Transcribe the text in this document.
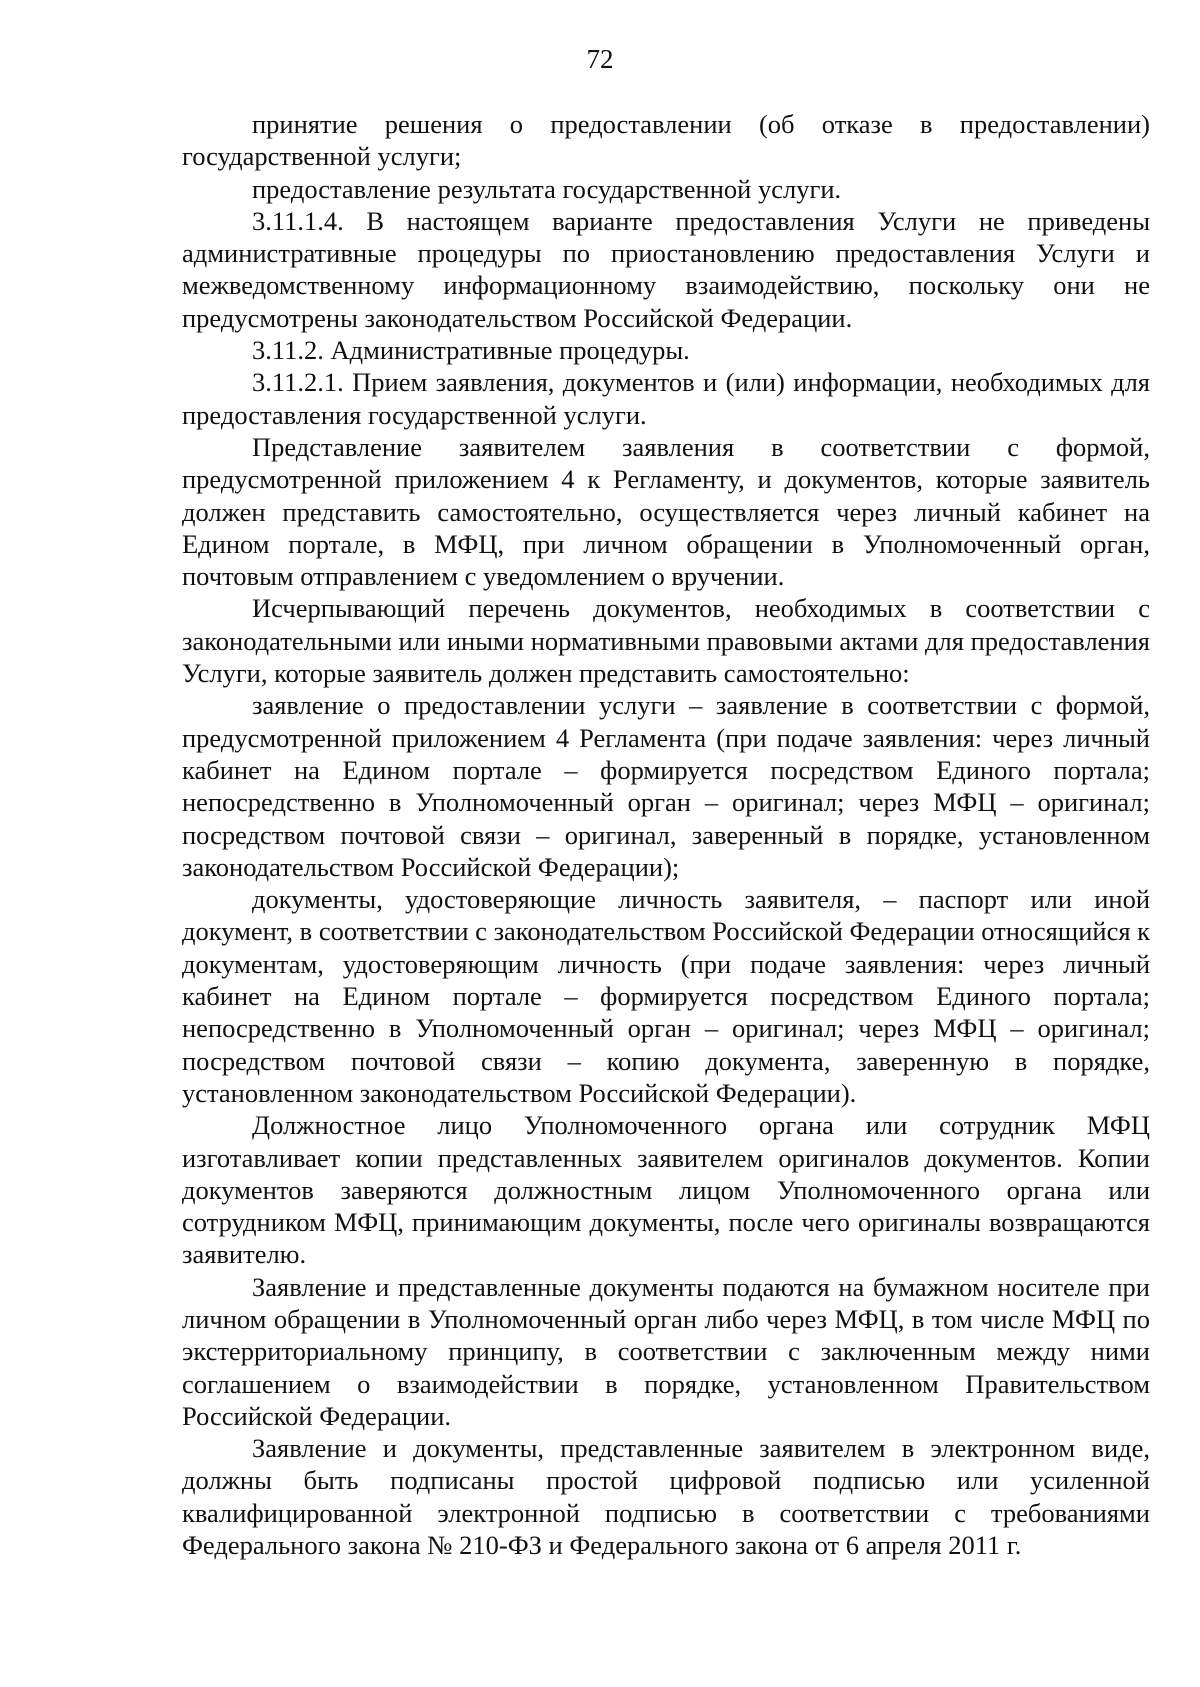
72

принятие решения о предоставлении (об отказе в предоставлении) государственной услуги;

предоставление результата государственной услуги.

3.11.1.4. В настоящем варианте предоставления Услуги не приведены административные процедуры по приостановлению предоставления Услуги и межведомственному информационному взаимодействию, поскольку они не предусмотрены законодательством Российской Федерации.

3.11.2. Административные процедуры.

3.11.2.1. Прием заявления, документов и (или) информации, необходимых для предоставления государственной услуги.

Представление заявителем заявления в соответствии с формой, предусмотренной приложением 4 к Регламенту, и документов, которые заявитель должен представить самостоятельно, осуществляется через личный кабинет на Едином портале, в МФЦ, при личном обращении в Уполномоченный орган, почтовым отправлением с уведомлением о вручении.

Исчерпывающий перечень документов, необходимых в соответствии с законодательными или иными нормативными правовыми актами для предоставления Услуги, которые заявитель должен представить самостоятельно:

заявление о предоставлении услуги – заявление в соответствии с формой, предусмотренной приложением 4 Регламента (при подаче заявления: через личный кабинет на Едином портале – формируется посредством Единого портала; непосредственно в Уполномоченный орган – оригинал; через МФЦ – оригинал; посредством почтовой связи – оригинал, заверенный в порядке, установленном законодательством Российской Федерации);

документы, удостоверяющие личность заявителя, – паспорт или иной документ, в соответствии с законодательством Российской Федерации относящийся к документам, удостоверяющим личность (при подаче заявления: через личный кабинет на Едином портале – формируется посредством Единого портала; непосредственно в Уполномоченный орган – оригинал; через МФЦ – оригинал; посредством почтовой связи – копию документа, заверенную в порядке, установленном законодательством Российской Федерации).

Должностное лицо Уполномоченного органа или сотрудник МФЦ изготавливает копии представленных заявителем оригиналов документов. Копии документов заверяются должностным лицом Уполномоченного органа или сотрудником МФЦ, принимающим документы, после чего оригиналы возвращаются заявителю.

Заявление и представленные документы подаются на бумажном носителе при личном обращении в Уполномоченный орган либо через МФЦ, в том числе МФЦ по экстерриториальному принципу, в соответствии с заключенным между ними соглашением о взаимодействии в порядке, установленном Правительством Российской Федерации.

Заявление и документы, представленные заявителем в электронном виде, должны быть подписаны простой цифровой подписью или усиленной квалифицированной электронной подписью в соответствии с требованиями Федерального закона № 210-ФЗ и Федерального закона от 6 апреля 2011 г.
